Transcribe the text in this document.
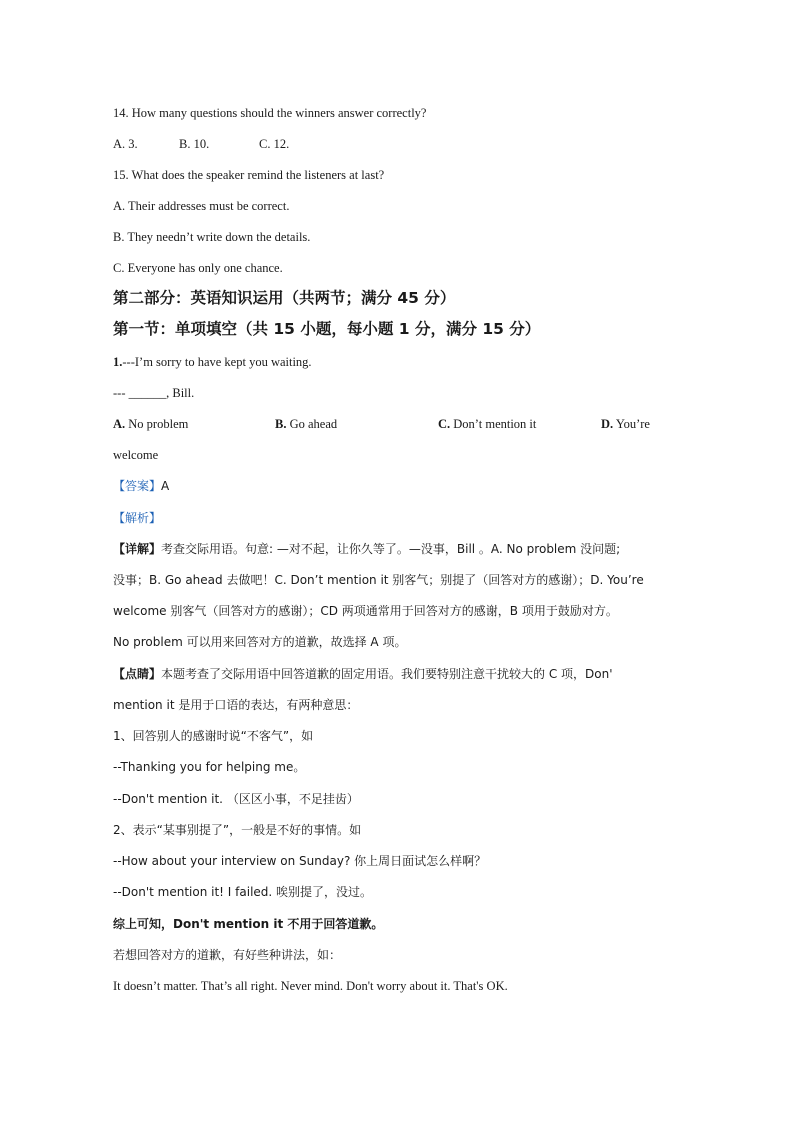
14. How many questions should the winners answer correctly?
A. 3.	B. 10.	C. 12.
15. What does the speaker remind the listeners at last?
A. Their addresses must be correct.
B. They needn’t write down the details.
C. Everyone has only one chance.
第二部分：英语知识运用（共两节；满分 45 分）
第一节：单项填空（共 15 小题，每小题 1 分，满分 15 分）
1.---I’m sorry to have kept you waiting.
--- ______, Bill.
A. No problem	B. Go ahead	C. Don’t mention it	D. You’re
welcome
【答案】A
【解析】
【详解】考查交际用语。句意: —对不起，让你久等了。—没事，Bill 。A. No problem 没问题;
没事；B. Go ahead 去做吧！C. Don’t mention it 别客气；别提了（回答对方的感谢）；D. You’re
welcome 别客气（回答对方的感谢）；CD 两项通常用于回答对方的感谢，B 项用于鼓励对方。
No problem 可以用来回答对方的道歉，故选择 A 项。
【点睛】本题考查了交际用语中回答道歉的固定用语。我们要特别注意干扰较大的 C 项，Don'
mention it 是用于口语的表达，有两种意思：
1、回答别人的感谢时说“不客气”，如
--Thanking you for helping me。
--Don't mention it. （区区小事，不足挂齿）
2、表示“某事别提了”，一般是不好的事情。如
--How about your interview on Sunday? 你上周日面试怎么样啊？
--Don't mention it! I failed. 唉别提了，没过。
综上可知，Don't mention it 不用于回答道歉。
若想回答对方的道歉，有好些种讲法，如：
It doesn’t matter. That’s all right. Never mind. Don't worry about it. That's OK.
